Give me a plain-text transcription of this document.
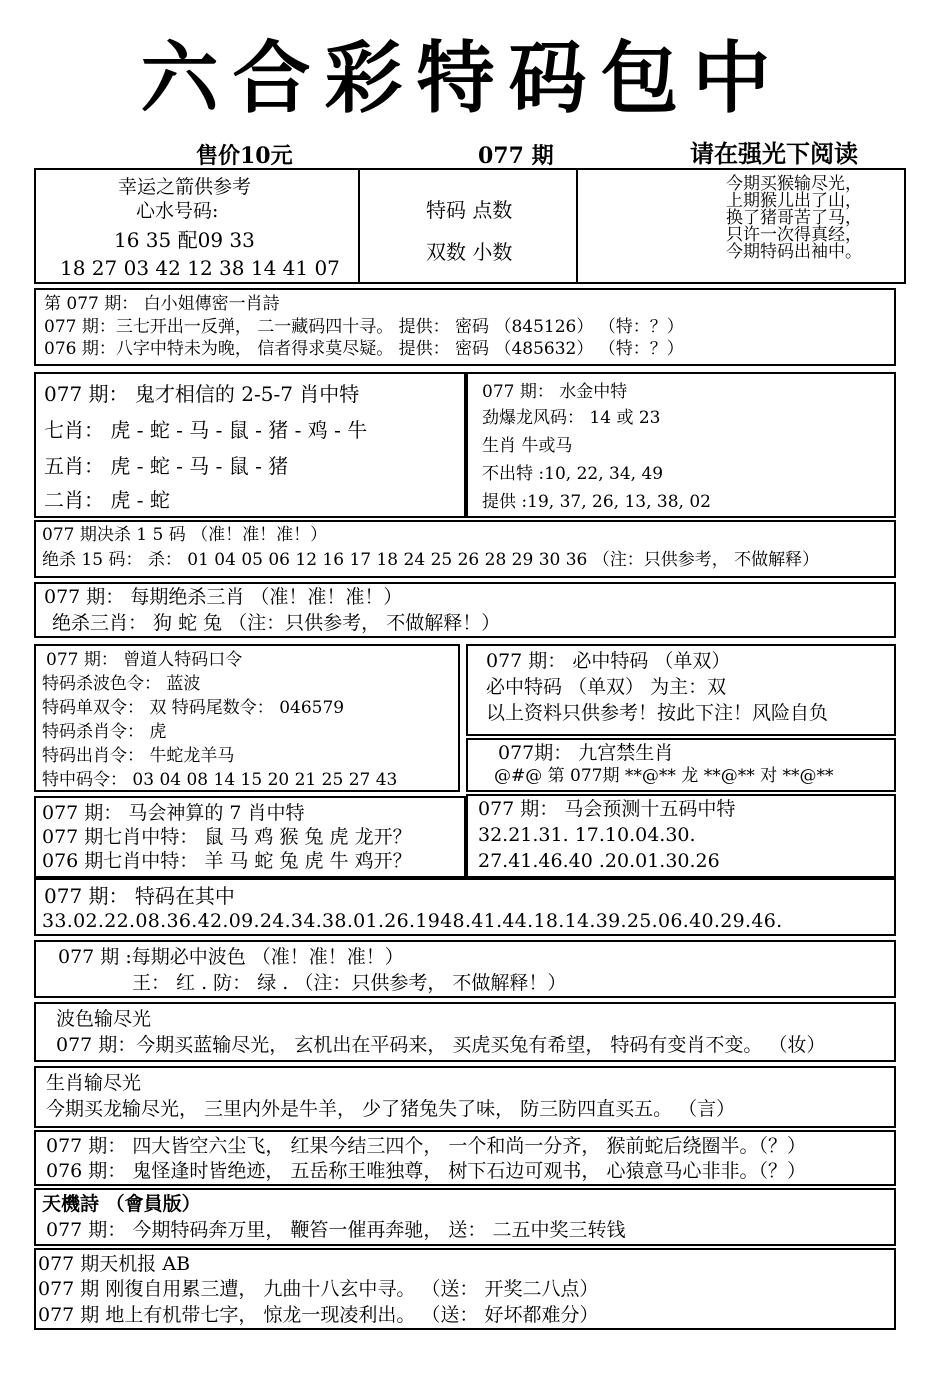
六合彩特码包中
售价10元	077 期	请在强光下阅读
幸运之箭供参考
心水号码:
16 35 配09 33
18 27 03 42 12 38 14 41 07
特码 点数
双数 小数
今期买猴输尽光，
上期猴儿出了山，
换了猪哥苦了马，
只许一次得真经，
今期特码出袖中。
第 077 期： 白小姐傳密一肖詩
077 期：三七开出一反弹， 二一藏码四十寻。 提供： 密码 （845126） （特：？）
076 期：八字中特未为晚， 信者得求莫尽疑。 提供： 密码 （485632） （特：？）
077 期： 鬼才相信的 2-5-7 肖中特
七肖： 虎 - 蛇 - 马 - 鼠 - 猪 - 鸡 - 牛
五肖： 虎 - 蛇 - 马 - 鼠 - 猪
二肖： 虎 - 蛇
077 期： 水金中特
劲爆龙风码： 14 或 23
生肖 牛或马
不出特 :10, 22, 34, 49
提供 :19, 37, 26, 13, 38, 02
077 期决杀 1 5 码 （准！准！准！）
绝杀 15 码： 杀： 01 04 05 06 12 16 17 18 24 25 26 28 29 30 36 （注：只供参考， 不做解释）
077 期： 每期绝杀三肖 （准！准！准！）
绝杀三肖： 狗 蛇 兔 （注：只供参考， 不做解释！）
077 期： 曾道人特码口令
特码杀波色令： 蓝波
特码单双令： 双 特码尾数令： 046579
特码杀肖令： 虎
特码出肖令： 牛蛇龙羊马
特中码令： 03 04 08 14 15 20 21 25 27 43
077 期： 必中特码 （单双）
必中特码 （单双） 为主：双
以上资料只供参考！按此下注！风险自负
077期： 九宫禁生肖
@#@ 第 077期 **@** 龙 **@** 对 **@**
077 期： 马会神算的 7 肖中特
077 期七肖中特： 鼠 马 鸡 猴 兔 虎 龙开？
076 期七肖中特： 羊 马 蛇 兔 虎 牛 鸡开？
077 期： 马会预测十五码中特
32.21.31. 17.10.04.30.
27.41.46.40 .20.01.30.26
077 期： 特码在其中
33.02.22.08.36.42.09.24.34.38.01.26.1948.41.44.18.14.39.25.06.40.29.46.
077 期 :每期必中波色 （准！准！准！）
王： 红 . 防： 绿 . （注：只供参考， 不做解释！）
波色输尽光
077 期：今期买蓝输尽光， 玄机出在平码来， 买虎买兔有希望， 特码有变肖不变。 （妆）
生肖输尽光
今期买龙输尽光， 三里内外是牛羊， 少了猪兔失了味， 防三防四直买五。 （言）
077 期： 四大皆空六尘飞， 红果今结三四个， 一个和尚一分齐， 猴前蛇后绕圈半。（？）
076 期： 鬼怪逢时皆绝迹， 五岳称王唯独尊， 树下石边可观书， 心猿意马心非非。（？）
天機詩 （會員版）
077 期： 今期特码奔万里， 鞭笞一催再奔驰， 送： 二五中奖三转钱
077 期天机报 AB
077 期 刚復自用累三遭， 九曲十八玄中寻。 （送： 开奖二八点）
077 期 地上有机带七字， 惊龙一现凌利出。 （送： 好坏都难分）
